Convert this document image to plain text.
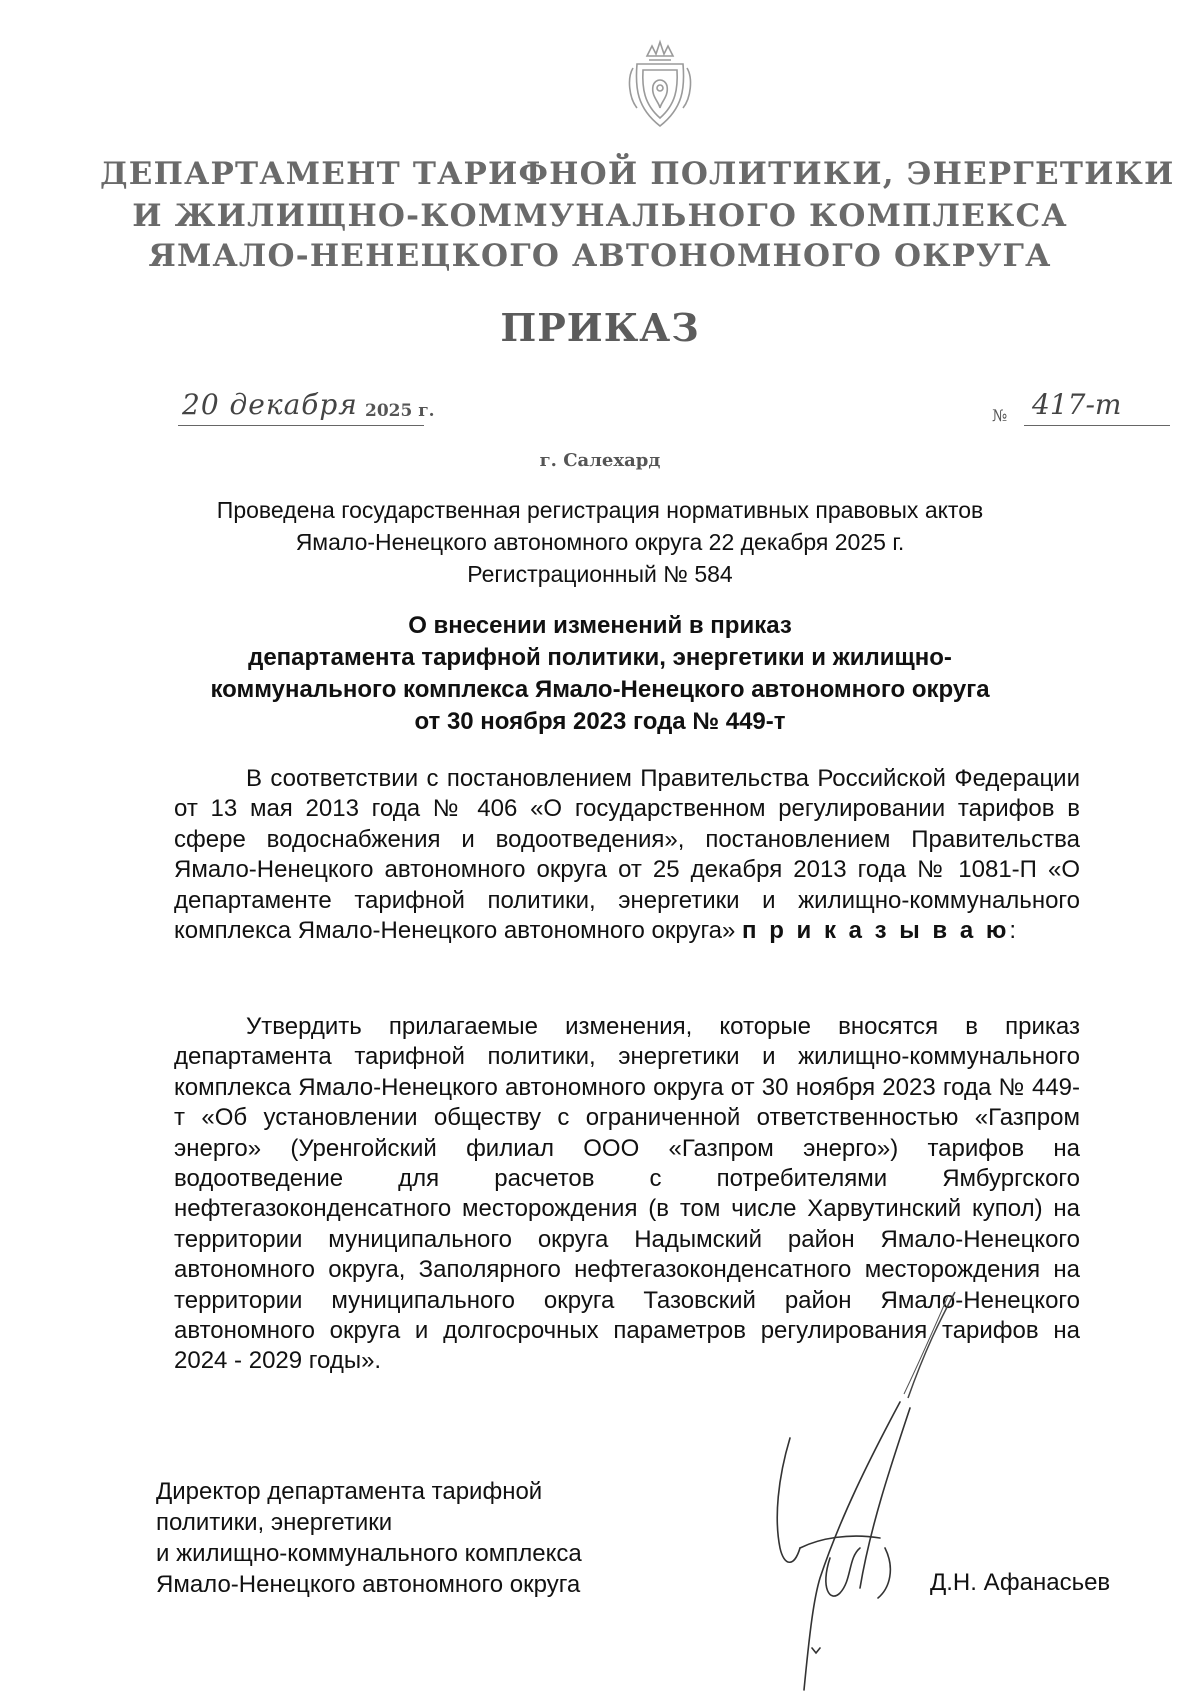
ДЕПАРТАМЕНТ ТАРИФНОЙ ПОЛИТИКИ, ЭНЕРГЕТИКИ
И ЖИЛИЩНО-КОММУНАЛЬНОГО КОМПЛЕКСА
ЯМАЛО-НЕНЕЦКОГО АВТОНОМНОГО ОКРУГА
ПРИКАЗ
20 декабря 2025 г.	№ 417-т
г. Салехард
Проведена государственная регистрация нормативных правовых актов
Ямало-Ненецкого автономного округа 22 декабря 2025 г.
Регистрационный № 584
О внесении изменений в приказ
департамента тарифной политики, энергетики и жилищно-
коммунального комплекса Ямало-Ненецкого автономного округа
от 30 ноября 2023 года № 449-т

В соответствии с постановлением Правительства Российской Федерации от 13 мая 2013 года № 406 «О государственном регулировании тарифов в сфере водоснабжения и водоотведения», постановлением Правительства Ямало-Ненецкого автономного округа от 25 декабря 2013 года № 1081-П «О департаменте тарифной политики, энергетики и жилищно-коммунального комплекса Ямало-Ненецкого автономного округа» п р и к а з ы в а ю:

Утвердить прилагаемые изменения, которые вносятся в приказ департамента тарифной политики, энергетики и жилищно-коммунального комплекса Ямало-Ненецкого автономного округа от 30 ноября 2023 года № 449-т «Об установлении обществу с ограниченной ответственностью «Газпром энерго» (Уренгойский филиал ООО «Газпром энерго») тарифов на водоотведение для расчетов с потребителями Ямбургского нефтегазоконденсатного месторождения (в том числе Харвутинский купол) на территории муниципального округа Надымский район Ямало-Ненецкого автономного округа, Заполярного нефтегазоконденсатного месторождения на территории муниципального округа Тазовский район Ямало-Ненецкого автономного округа и долгосрочных параметров регулирования тарифов на 2024 - 2029 годы».

Директор департамента тарифной
политики, энергетики
и жилищно-коммунального комплекса
Ямало-Ненецкого автономного округа	Д.Н. Афанасьев
